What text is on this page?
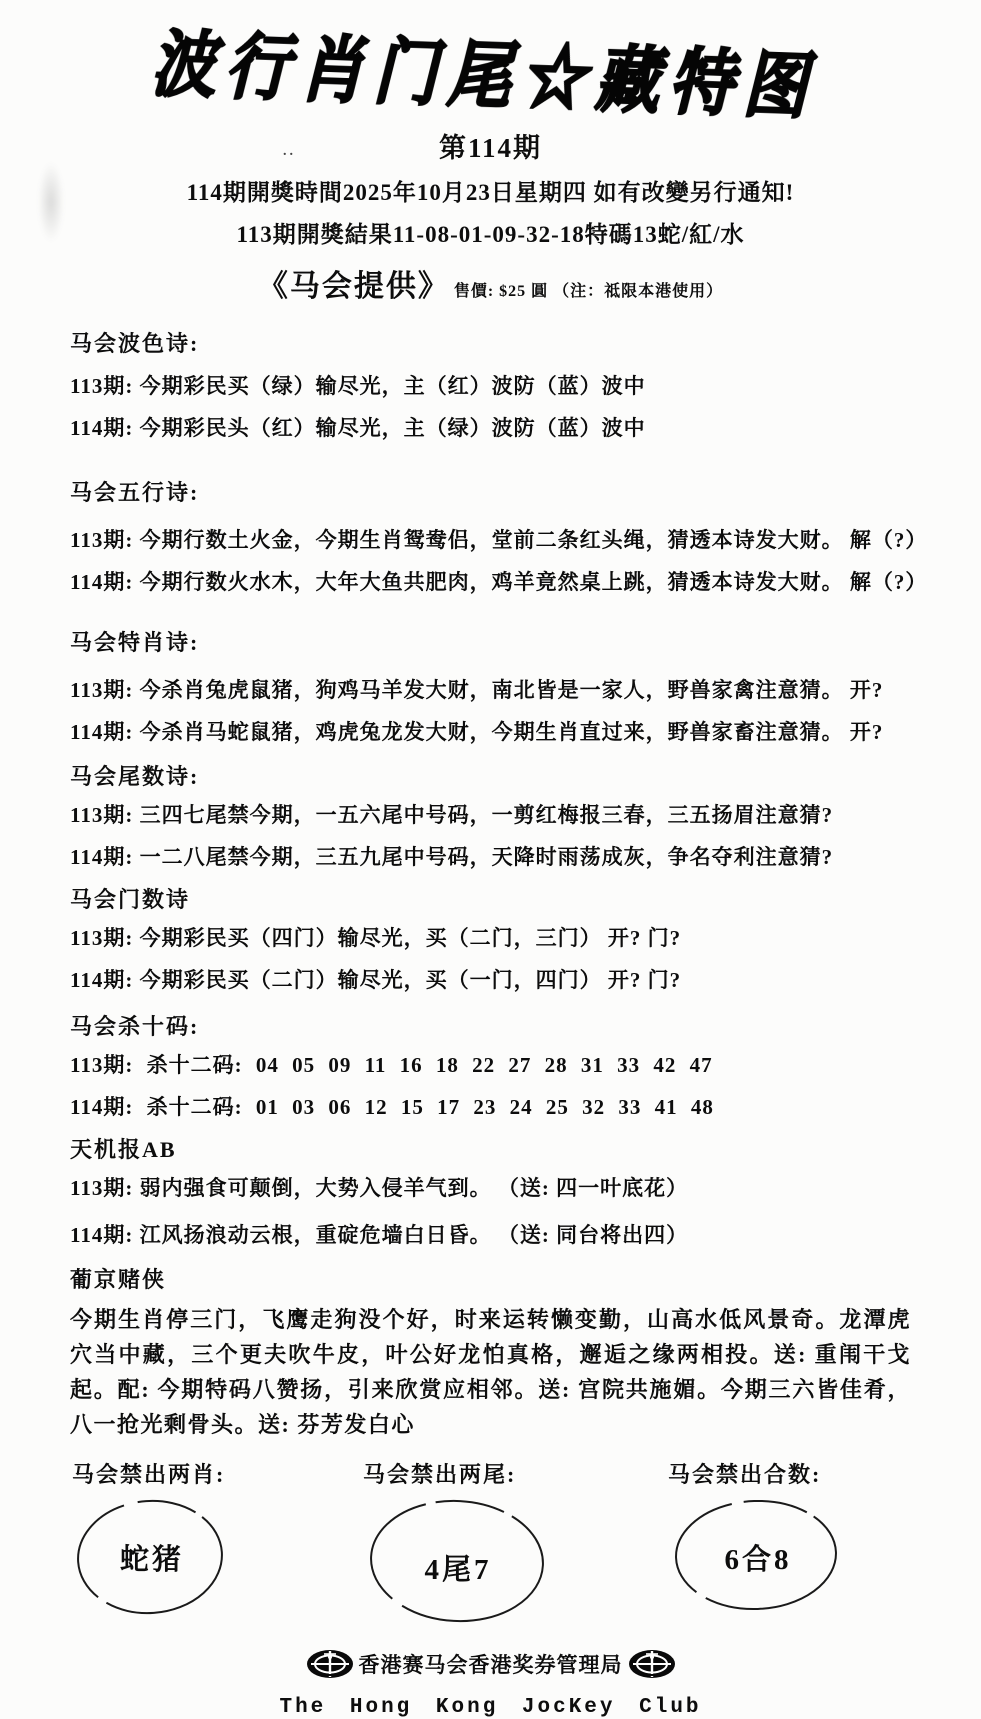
..
波行肖门尾☆藏特图
第114期
114期開獎時間2025年10月23日星期四 如有改變另行通知!
113期開獎結果11-08-01-09-32-18特碼13蛇/紅/水
《马会提供》 售價: $25 圓 （注：祗限本港使用）
马会波色诗:
113期: 今期彩民买（绿）输尽光，主（红）波防（蓝）波中
114期: 今期彩民头（红）输尽光，主（绿）波防（蓝）波中
马会五行诗:
113期: 今期行数土火金，今期生肖鸳鸯侣，堂前二条红头绳，猜透本诗发大财。 解（?）
114期: 今期行数火水木，大年大鱼共肥肉，鸡羊竟然桌上跳，猜透本诗发大财。 解（?）
马会特肖诗:
113期: 今杀肖兔虎鼠猪，狗鸡马羊发大财，南北皆是一家人，野兽家禽注意猜。 开?
114期: 今杀肖马蛇鼠猪，鸡虎兔龙发大财，今期生肖直过来，野兽家畜注意猜。 开?
马会尾数诗:
113期: 三四七尾禁今期，一五六尾中号码，一剪红梅报三春，三五扬眉注意猜?
114期: 一二八尾禁今期，三五九尾中号码，天降时雨荡成灰，争名夺利注意猜?
马会门数诗
113期: 今期彩民买（四门）输尽光，买（二门，三门） 开? 门?
114期: 今期彩民买（二门）输尽光，买（一门，四门） 开? 门?
马会杀十码:
113期: 杀十二码: 04 05 09 11 16 18 22 27 28 31 33 42 47
114期: 杀十二码: 01 03 06 12 15 17 23 24 25 32 33 41 48
天机报AB
113期: 弱内强食可颠倒，大势入侵羊气到。 （送: 四一叶底花）
114期: 江风扬浪动云根，重碇危墙白日昏。 （送: 同台将出四）
葡京赌侠
今期生肖停三门，飞鹰走狗没个好，时来运转懒变勤，山高水低风景奇。龙潭虎穴当中藏，三个更夫吹牛皮，叶公好龙怕真格，邂逅之缘两相投。送: 重闱干戈起。配: 今期特码八赞扬，引来欣赏应相邻。送: 宫院共施媚。今期三六皆佳肴，八一抢光剩骨头。送: 芬芳发白心
马会禁出两肖:
蛇猪
马会禁出两尾:
4尾7
马会禁出合数:
6合8
香港赛马会香港奖券管理局
The Hong Kong JocKey Club
